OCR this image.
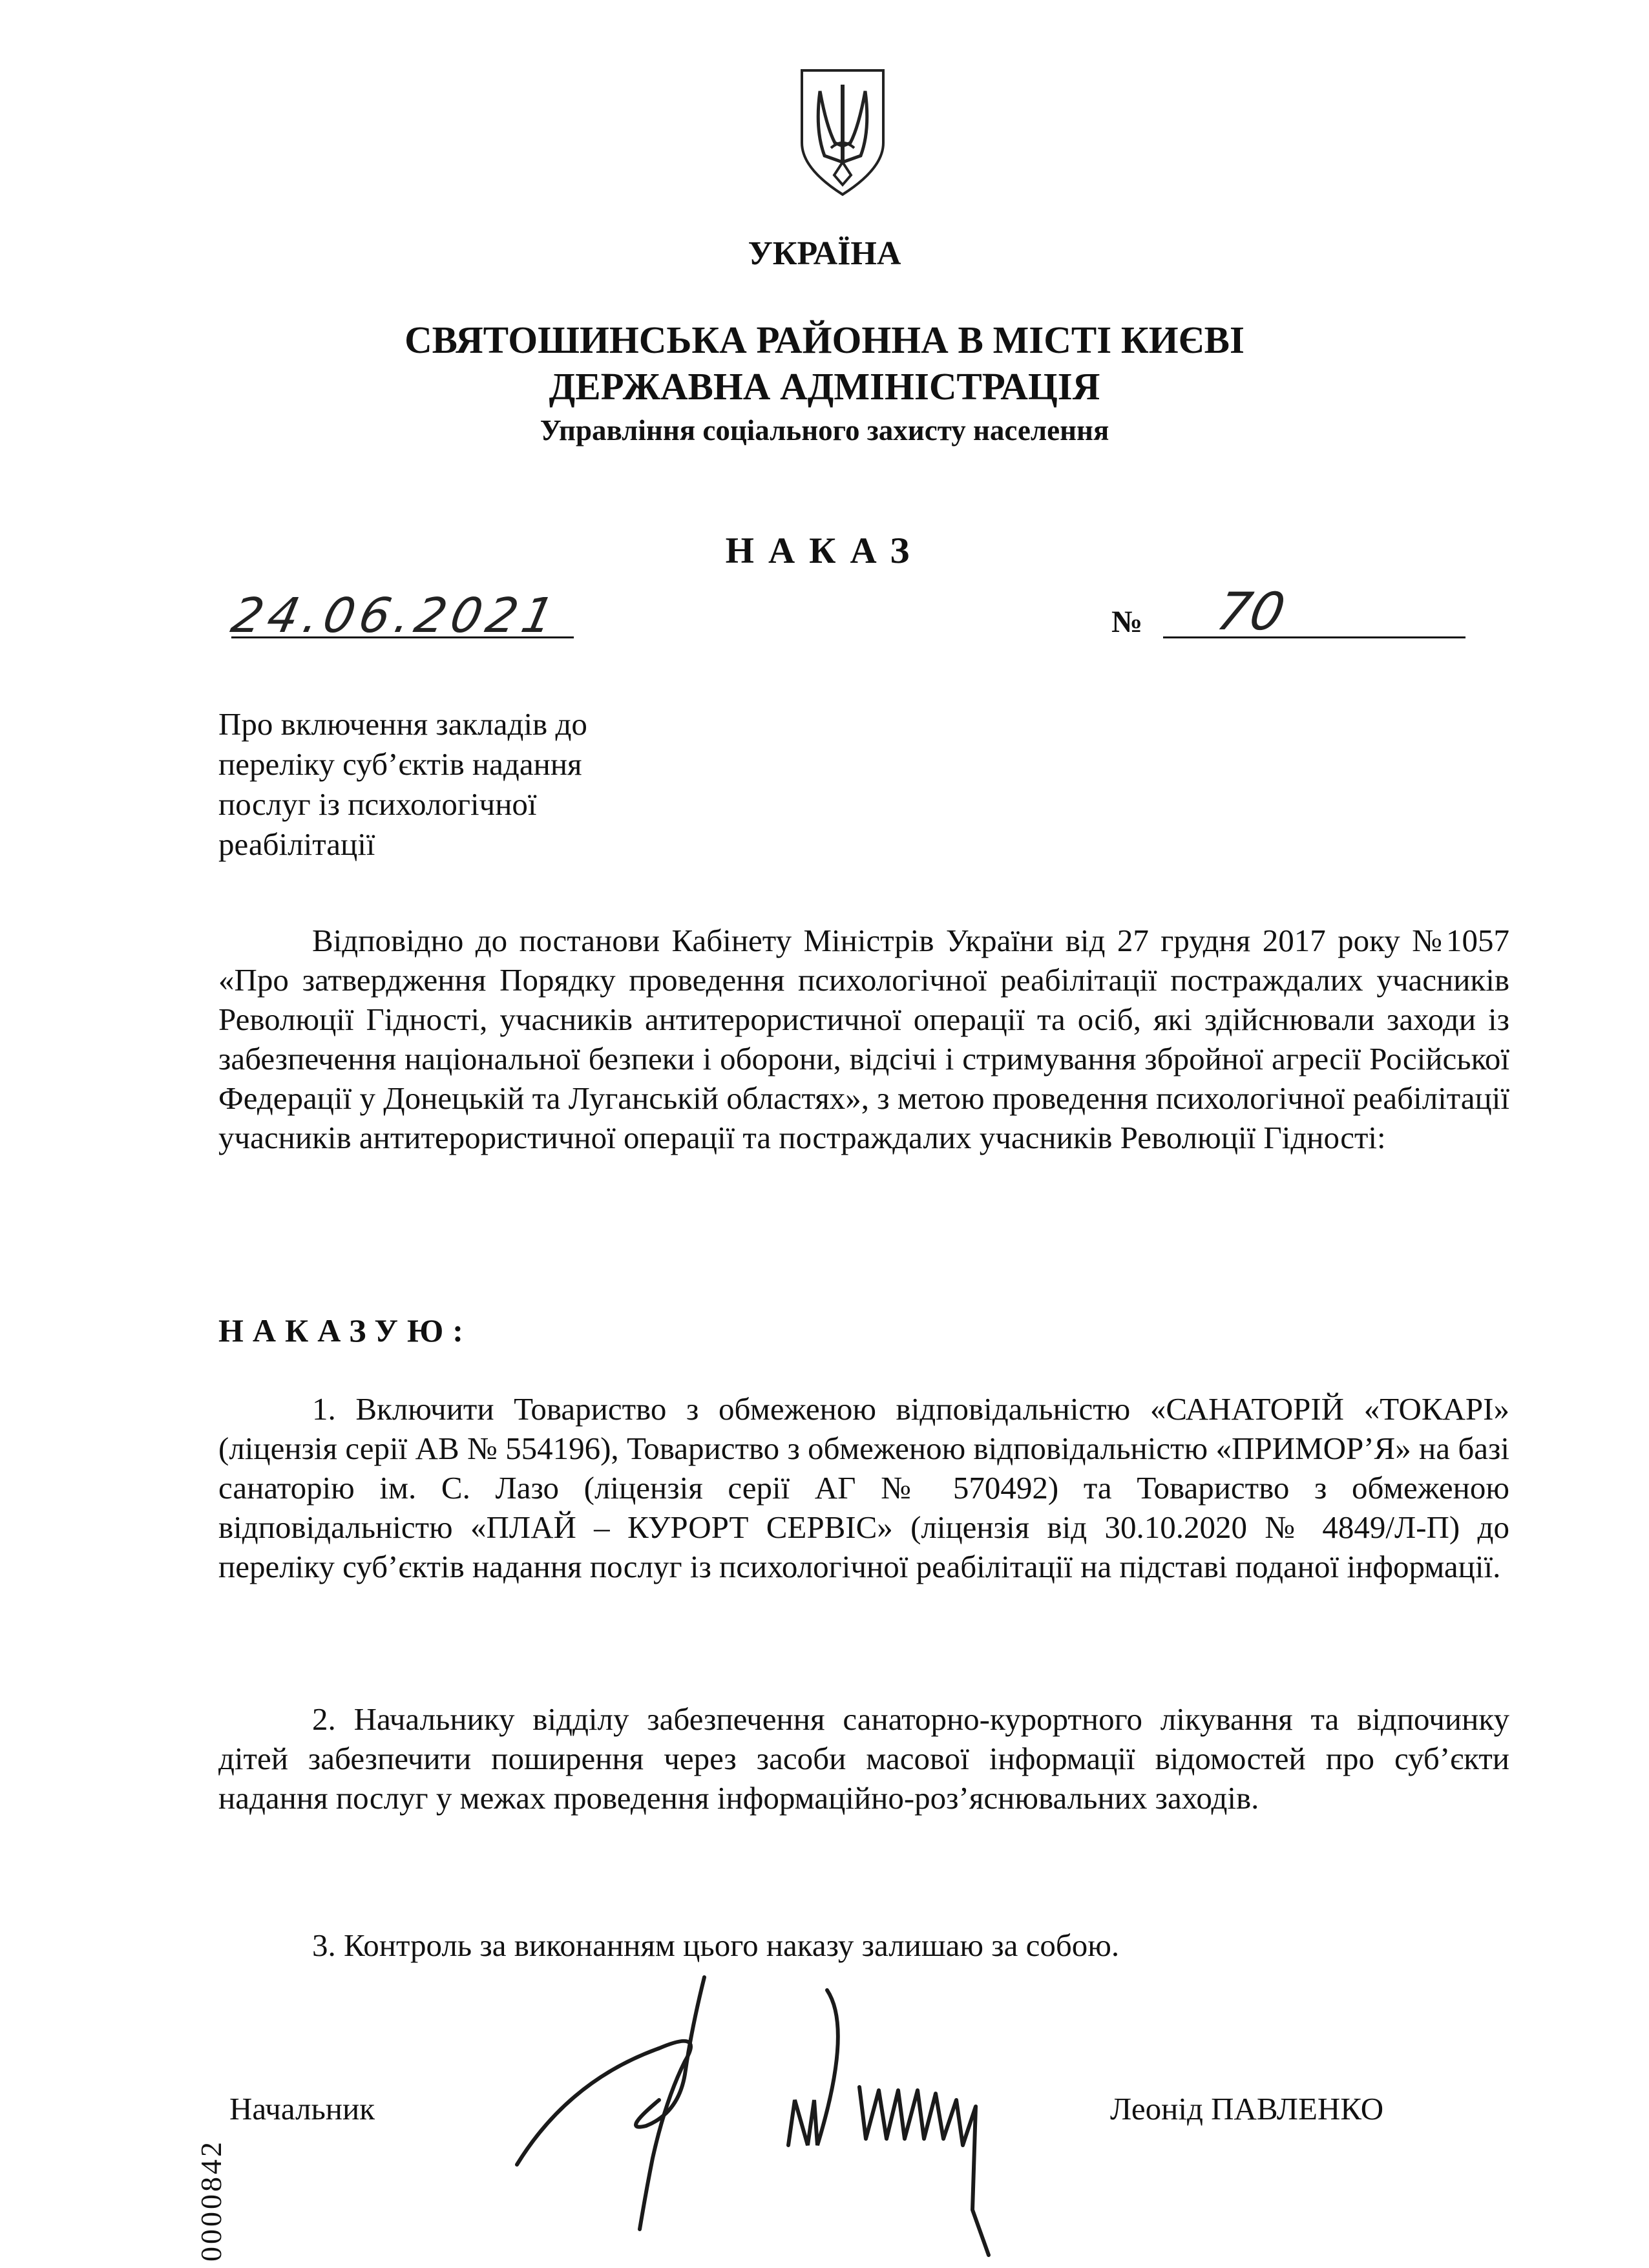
УКРАЇНА
СВЯТОШИНСЬКА РАЙОННА В МІСТІ КИЄВІ
ДЕРЖАВНА АДМІНІСТРАЦІЯ
Управління соціального захисту населення
НАКАЗ
24.06.2021	№ 70
Про включення закладів до
переліку суб’єктів надання
послуг із психологічної
реабілітації

Відповідно до постанови Кабінету Міністрів України від 27 грудня 2017 року №1057 «Про затвердження Порядку проведення психологічної реабілітації постраждалих учасників Революції Гідності, учасників антитерористичної операції та осіб, які здійснювали заходи із забезпечення національної безпеки і оборони, відсічі і стримування збройної агресії Російської Федерації у Донецькій та Луганській областях», з метою проведення психологічної реабілітації учасників антитерористичної операції та постраждалих учасників Революції Гідності:

НАКАЗУЮ:

1. Включити Товариство з обмеженою відповідальністю «САНАТОРІЙ «ТОКАРІ» (ліцензія серії АВ № 554196), Товариство з обмеженою відповідальністю «ПРИМОР’Я» на базі санаторію ім. С. Лазо (ліцензія серії АГ № 570492) та Товариство з обмеженою відповідальністю «ПЛАЙ – КУРОРТ СЕРВІС» (ліцензія від 30.10.2020 № 4849/Л-П) до переліку суб’єктів надання послуг із психологічної реабілітації на підставі поданої інформації.

2. Начальнику відділу забезпечення санаторно-курортного лікування та відпочинку дітей забезпечити поширення через засоби масової інформації відомостей про суб’єкти надання послуг у межах проведення інформаційно-роз’яснювальних заходів.

3. Контроль за виконанням цього наказу залишаю за собою.

Начальник	Леонід ПАВЛЕНКО
0000842
